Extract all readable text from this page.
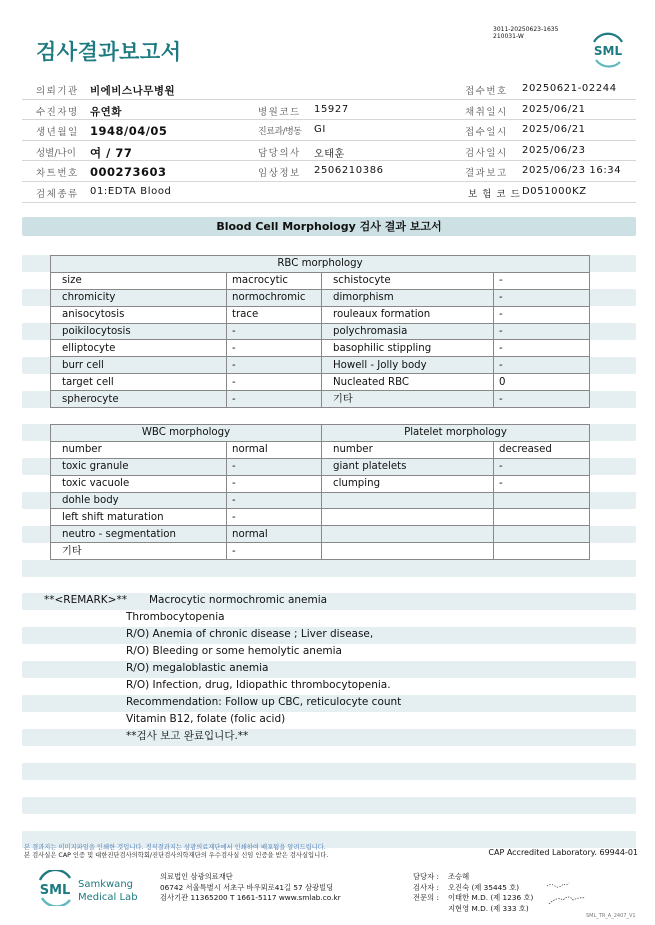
3011-20250623-1635
210031-W
검사결과보고서	SML
의뢰기관 비에비스나무병원	접수번호 20250621-02244
수진자명 유연화	병원코드 15927	채취일시 2025/06/21
생년월일 1948/04/05	진료과/병동 GI	접수일시 2025/06/21
성별/나이 여 / 77	담당의사 오태훈	검사일시 2025/06/23
차트번호 000273603	임상정보 2506210386	결과보고 2025/06/23 16:34
검체종류 01:EDTA Blood	보 험 코 드 D051000KZ
Blood Cell Morphology 검사 결과 보고서
RBC morphology			
size	macrocytic	schistocyte	-
chromicity	normochromic	dimorphism	-
anisocytosis	trace	rouleaux formation	-
poikilocytosis	-	polychromasia	-
elliptocyte	-	basophilic stippling	-
burr cell	-	Howell - Jolly body	-
target cell	-	Nucleated RBC	0
spherocyte	-	기타	-
WBC morphology		Platelet morphology	
number	normal	number	decreased
toxic granule	-	giant platelets	-
toxic vacuole	-	clumping	-
dohle body	-		
left shift maturation	-		
neutro - segmentation	normal		
기타	-		
**<REMARK>** Macrocytic normochromic anemia
Thrombocytopenia
R/O) Anemia of chronic disease ; Liver disease,
R/O) Bleeding or some hemolytic anemia
R/O) megaloblastic anemia
R/O) Infection, drug, Idiopathic thrombocytopenia.
Recommendation: Follow up CBC, reticulocyte count
Vitamin B12, folate (folic acid)
**검사 보고 완료입니다.**
본 결과지는 이미지파일을 인쇄한 것입니다. 정식결과지는 삼광의료재단에서 인쇄하여 배포됨을 알려드립니다.
본 검사실은 CAP 인증 및 대한진단검사의학회/진단검사의학재단의 우수검사실 신임 인증을 받은 검사실입니다.	CAP Accredited Laboratory. 69944-01
SML Samkwang
Medical Lab
의료법인 삼광의료재단
06742 서울특별시 서초구 바우뫼로41길 57 삼광빌딩
검사기관 11365200 T 1661-5117 www.smlab.co.kr
담당자 : 조승혜
검사자 : 오진숙 (제 35445 호)
전문의 : 이태한 M.D. (제 1236 호)
지현영 M.D. (제 333 호)
SML_TR_A_2407_V1
